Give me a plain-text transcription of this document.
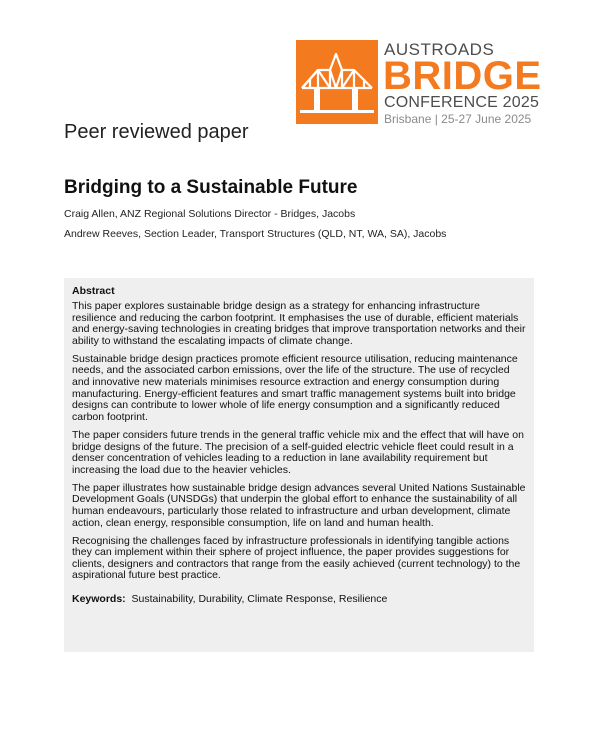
AUSTROADS
BRIDGE
CONFERENCE 2025
Brisbane | 25-27 June 2025
Peer reviewed paper
Bridging to a Sustainable Future

Craig Allen, ANZ Regional Solutions Director - Bridges, Jacobs

Andrew Reeves, Section Leader, Transport Structures (QLD, NT, WA, SA), Jacobs

Abstract

This paper explores sustainable bridge design as a strategy for enhancing infrastructure resilience and reducing the carbon footprint. It emphasises the use of durable, efficient materials and energy-saving technologies in creating bridges that improve transportation networks and their ability to withstand the escalating impacts of climate change.

Sustainable bridge design practices promote efficient resource utilisation, reducing maintenance needs, and the associated carbon emissions, over the life of the structure. The use of recycled and innovative new materials minimises resource extraction and energy consumption during manufacturing. Energy-efficient features and smart traffic management systems built into bridge designs can contribute to lower whole of life energy consumption and a significantly reduced carbon footprint.

The paper considers future trends in the general traffic vehicle mix and the effect that will have on bridge designs of the future. The precision of a self-guided electric vehicle fleet could result in a denser concentration of vehicles leading to a reduction in lane availability requirement but increasing the load due to the heavier vehicles.

The paper illustrates how sustainable bridge design advances several United Nations Sustainable Development Goals (UNSDGs) that underpin the global effort to enhance the sustainability of all human endeavours, particularly those related to infrastructure and urban development, climate action, clean energy, responsible consumption, life on land and human health.

Recognising the challenges faced by infrastructure professionals in identifying tangible actions they can implement within their sphere of project influence, the paper provides suggestions for clients, designers and contractors that range from the easily achieved (current technology) to the aspirational future best practice.

Keywords: Sustainability, Durability, Climate Response, Resilience
